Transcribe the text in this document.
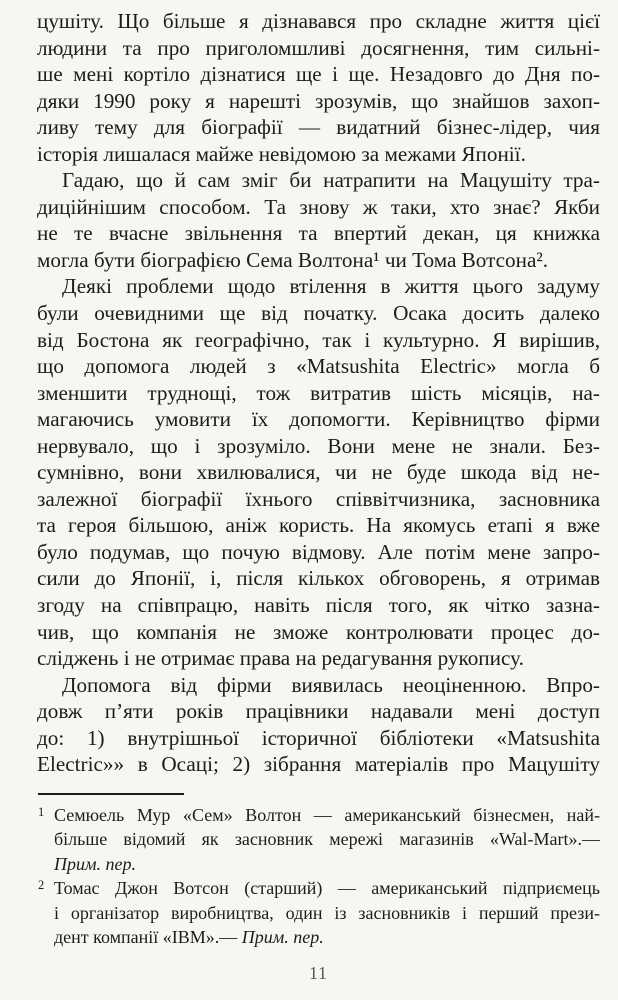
цушіту. Що більше я дізнавався про складне життя цієї
людини та про приголомшливі досягнення, тим сильні-
ше мені кортіло дізнатися ще і ще. Незадовго до Дня по-
дяки 1990 року я нарешті зрозумів, що знайшов захоп-
ливу тему для біографії — видатний бізнес-лідер, чия
історія лишалася майже невідомою за межами Японії.
Гадаю, що й сам зміг би натрапити на Мацушіту тра-
диційнішим способом. Та знову ж таки, хто знає? Якби
не те вчасне звільнення та впертий декан, ця книжка
могла бути біографією Сема Волтона¹ чи Тома Вотсона².
Деякі проблеми щодо втілення в життя цього задуму
були очевидними ще від початку. Осака досить далеко
від Бостона як географічно, так і культурно. Я вирішив,
що допомога людей з «Matsushita Electric» могла б
зменшити труднощі, тож витратив шість місяців, на-
магаючись умовити їх допомогти. Керівництво фірми
нервувало, що і зрозуміло. Вони мене не знали. Без-
сумнівно, вони хвилювалися, чи не буде шкода від не-
залежної біографії їхнього співвітчизника, засновника
та героя більшою, аніж користь. На якомусь етапі я вже
було подумав, що почую відмову. Але потім мене запро-
сили до Японії, і, після кількох обговорень, я отримав
згоду на співпрацю, навіть після того, як чітко зазна-
чив, що компанія не зможе контролювати процес до-
сліджень і не отримає права на редагування рукопису.
Допомога від фірми виявилась неоціненною. Впро-
довж п’яти років працівники надавали мені доступ
до: 1) внутрішньої історичної бібліотеки «Matsushita
Electric»» в Осаці; 2) зібрання матеріалів про Мацушіту
1 Семюель Мур «Сем» Волтон — американський бізнесмен, най-
більше відомий як засновник мережі магазинів «Wal-Mart».—
Прим. пер.
2 Томас Джон Вотсон (старший) — американський підприємець
і організатор виробництва, один із засновників і перший прези-
дент компанії «IBM».— Прим. пер.
11
